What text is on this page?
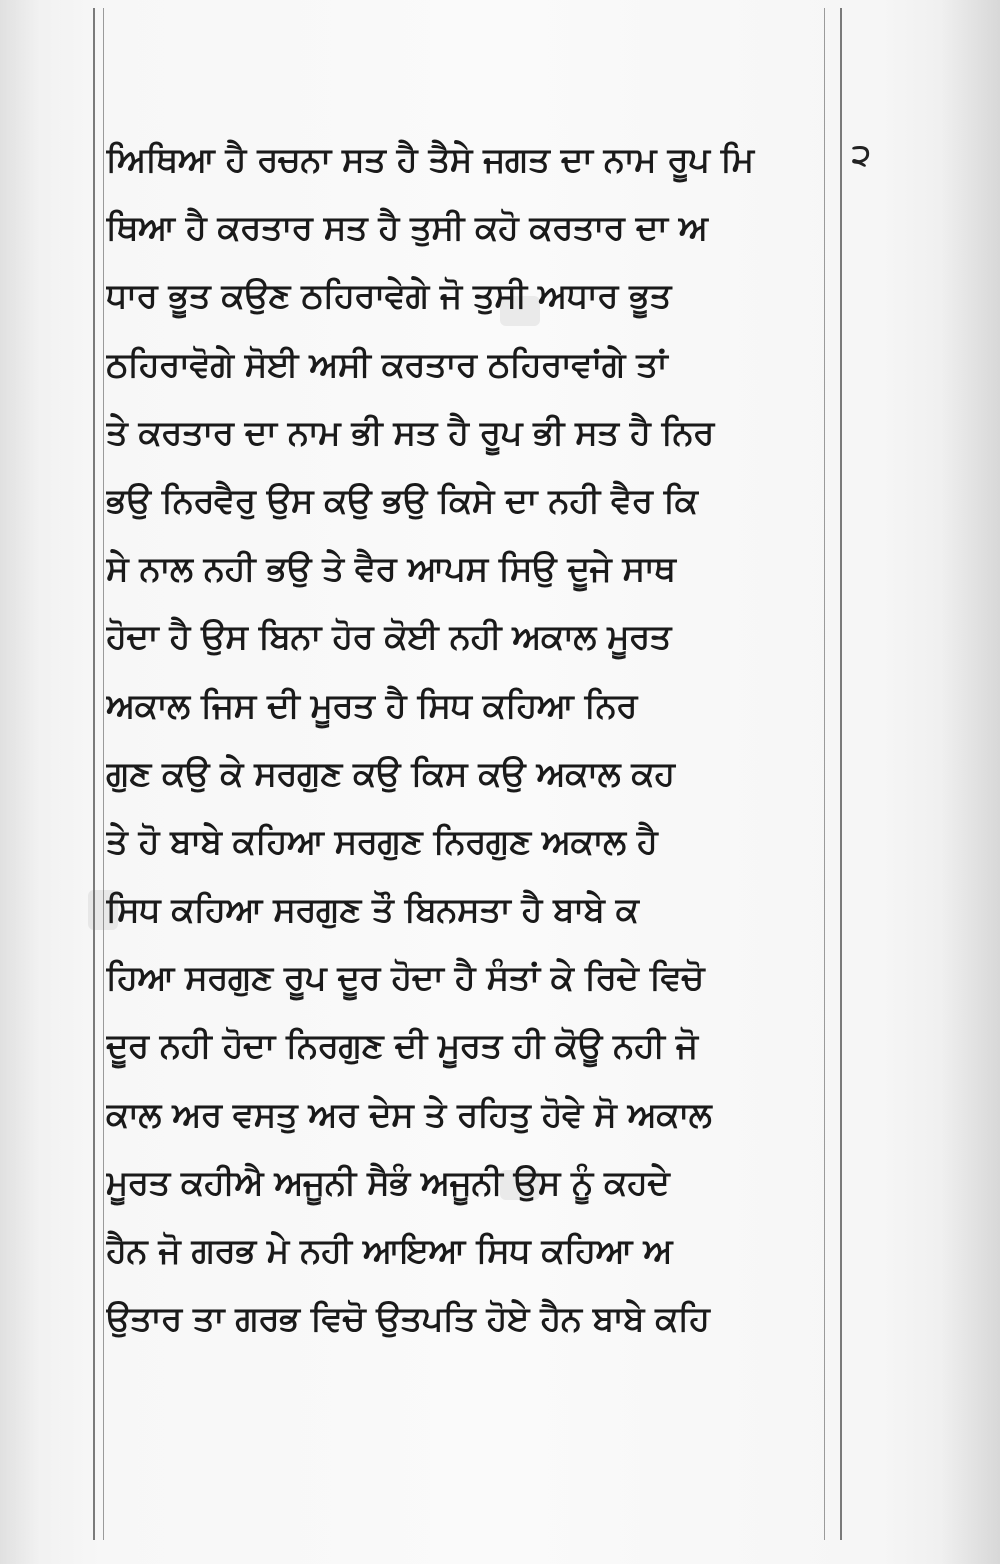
੨
ਅਿਥਿਆ ਹੈ ਰਚਨਾ ਸਤ ਹੈ ਤੈਸੇ ਜਗਤ ਦਾ ਨਾਮ ਰੂਪ ਮਿ
ਥਿਆ ਹੈ ਕਰਤਾਰ ਸਤ ਹੈ ਤੁਸੀ ਕਹੋ ਕਰਤਾਰ ਦਾ ਅ
ਧਾਰ ਭੂਤ ਕਉਣ ਠਹਿਰਾਵੇਗੇ ਜੋ ਤੁਸੀ ਅਧਾਰ ਭੂਤ
ਠਹਿਰਾਵੋਗੇ ਸੋਈ ਅਸੀ ਕਰਤਾਰ ਠਹਿਰਾਵਾਂਗੇ ਤਾਂ
ਤੇ ਕਰਤਾਰ ਦਾ ਨਾਮ ਭੀ ਸਤ ਹੈ ਰੂਪ ਭੀ ਸਤ ਹੈ ਨਿਰ
ਭਉ ਨਿਰਵੈਰੁ ਉਸ ਕਉ ਭਉ ਕਿਸੇ ਦਾ ਨਹੀ ਵੈਰ ਕਿ
ਸੇ ਨਾਲ ਨਹੀ ਭਉ ਤੇ ਵੈਰ ਆਪਸ ਸਿਉ ਦੂਜੇ ਸਾਥ
ਹੋਦਾ ਹੈ ਉਸ ਬਿਨਾ ਹੋਰ ਕੋਈ ਨਹੀ ਅਕਾਲ ਮੂਰਤ
ਅਕਾਲ ਜਿਸ ਦੀ ਮੂਰਤ ਹੈ ਸਿਧ ਕਹਿਆ ਨਿਰ
ਗੁਣ ਕਉ ਕੇ ਸਰਗੁਣ ਕਉ ਕਿਸ ਕਉ ਅਕਾਲ ਕਹ
ਤੇ ਹੋ ਬਾਬੇ ਕਹਿਆ ਸਰਗੁਣ ਨਿਰਗੁਣ ਅਕਾਲ ਹੈ
ਸਿਧ ਕਹਿਆ ਸਰਗੁਣ ਤੌ ਬਿਨਸਤਾ ਹੈ ਬਾਬੇ ਕ
ਹਿਆ ਸਰਗੁਣ ਰੂਪ ਦੂਰ ਹੋਦਾ ਹੈ ਸੰਤਾਂ ਕੇ ਰਿਦੇ ਵਿਚੋ
ਦੂਰ ਨਹੀ ਹੋਦਾ ਨਿਰਗੁਣ ਦੀ ਮੂਰਤ ਹੀ ਕੋਊ ਨਹੀ ਜੋ
ਕਾਲ ਅਰ ਵਸਤੁ ਅਰ ਦੇਸ ਤੇ ਰਹਿਤੁ ਹੋਵੇ ਸੋ ਅਕਾਲ
ਮੂਰਤ ਕਹੀਐ ਅਜੂਨੀ ਸੈਭੰ ਅਜੂਨੀ ਉਸ ਨੂੰ ਕਹਦੇ
ਹੈਨ ਜੋ ਗਰਭ ਮੇ ਨਹੀ ਆਇਆ ਸਿਧ ਕਹਿਆ ਅ
ਉਤਾਰ ਤਾ ਗਰਭ ਵਿਚੋ ਉਤਪਤਿ ਹੋਏ ਹੈਨ ਬਾਬੇ ਕਹਿ
